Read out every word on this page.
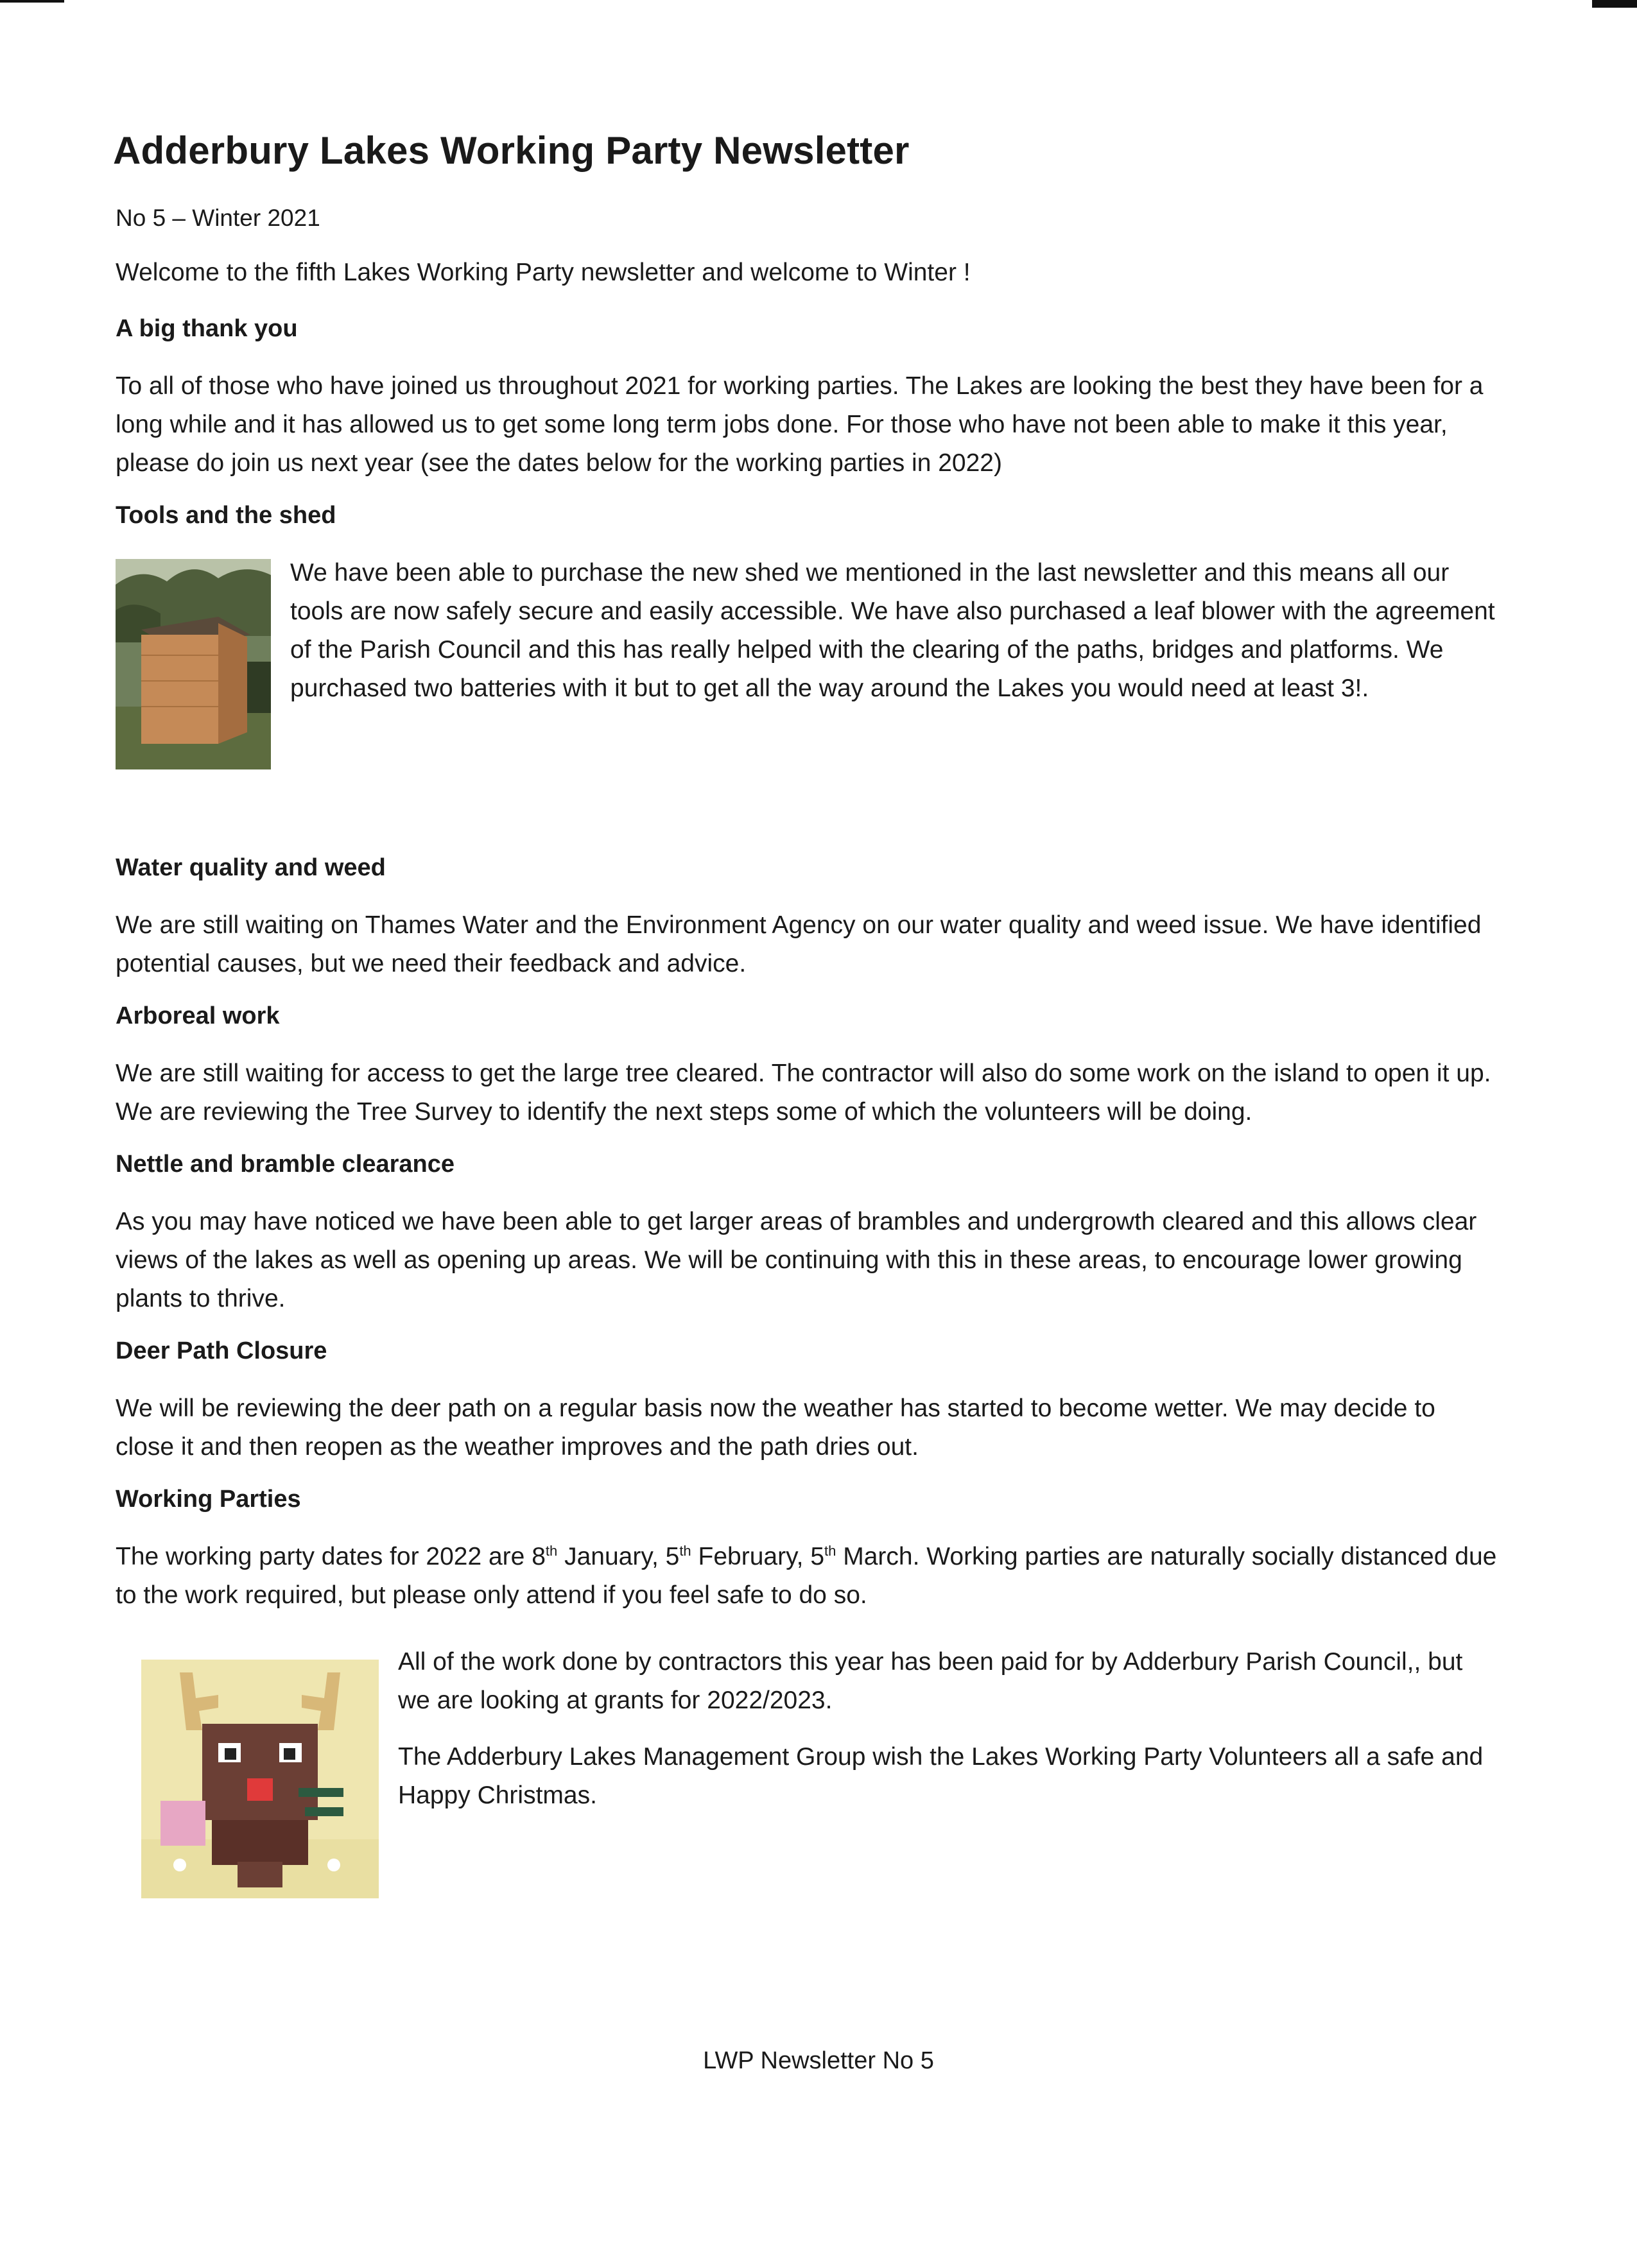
Adderbury Lakes Working Party Newsletter
No 5 – Winter 2021
Welcome to the fifth Lakes Working Party newsletter and welcome to Winter !
A big thank you

To all of those who have joined us throughout 2021 for working parties. The Lakes are looking the best they have been for a long while and it has allowed us to get some long term jobs done. For those who have not been able to make it this year, please do join us next year (see the dates below for the working parties in 2022)

Tools and the shed

We have been able to purchase the new shed we mentioned in the last newsletter and this means all our tools are now safely secure and easily accessible. We have also purchased a leaf blower with the agreement of the Parish Council and this has really helped with the clearing of the paths, bridges and platforms. We purchased two batteries with it but to get all the way around the Lakes you would need at least 3!.

Water quality and weed

We are still waiting on Thames Water and the Environment Agency on our water quality and weed issue. We have identified potential causes, but we need their feedback and advice.

Arboreal work

We are still waiting for access to get the large tree cleared. The contractor will also do some work on the island to open it up. We are reviewing the Tree Survey to identify the next steps some of which the volunteers will be doing.

Nettle and bramble clearance

As you may have noticed we have been able to get larger areas of brambles and undergrowth cleared and this allows clear views of the lakes as well as opening up areas. We will be continuing with this in these areas, to encourage lower growing plants to thrive.

Deer Path Closure

We will be reviewing the deer path on a regular basis now the weather has started to become wetter. We may decide to close it and then reopen as the weather improves and the path dries out.

Working Parties

The working party dates for 2022 are 8th January, 5th February, 5th March. Working parties are naturally socially distanced due to the work required, but please only attend if you feel safe to do so.

All of the work done by contractors this year has been paid for by Adderbury Parish Council,, but we are looking at grants for 2022/2023.

The Adderbury Lakes Management Group wish the Lakes Working Party Volunteers all a safe and Happy Christmas.

LWP Newsletter No 5
